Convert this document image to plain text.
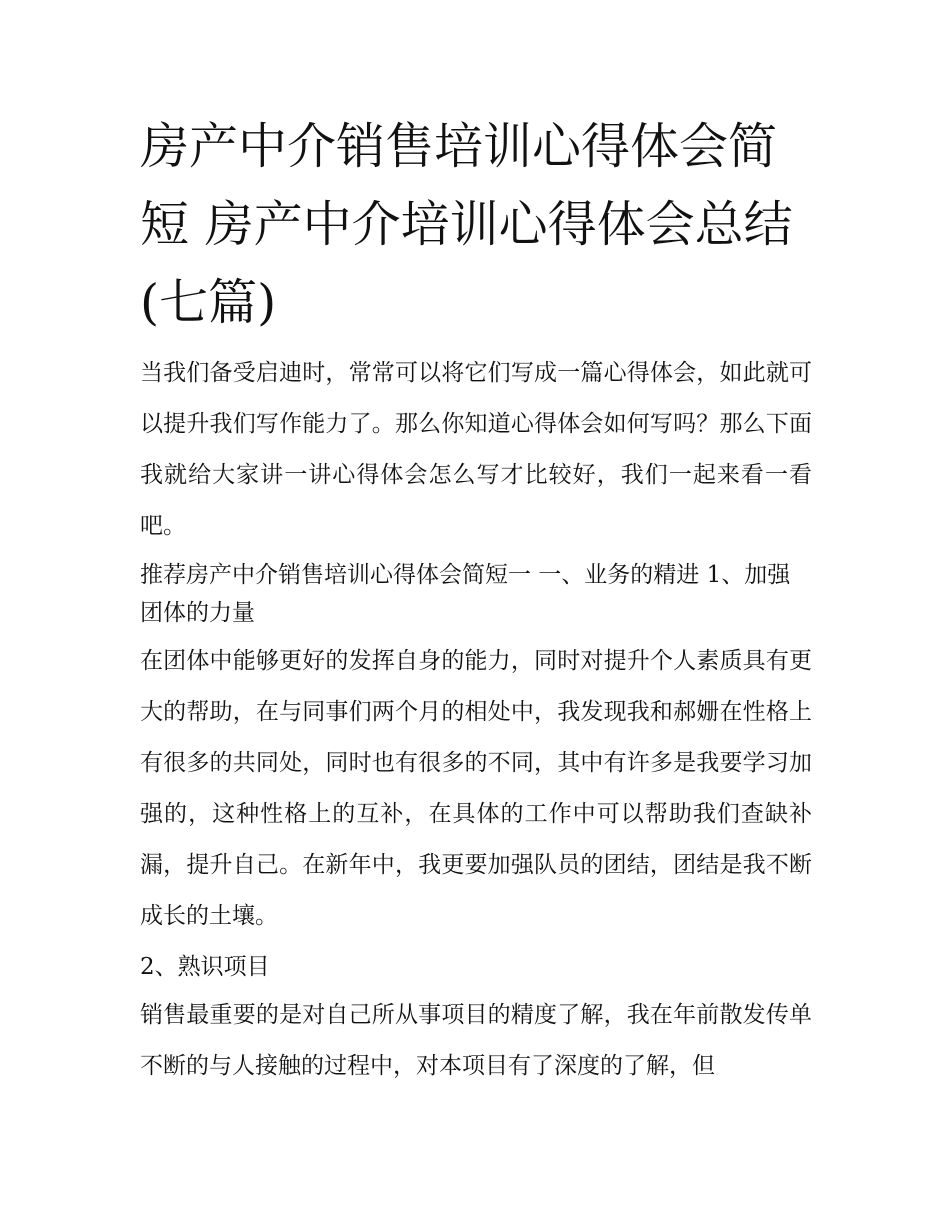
房产中介销售培训心得体会简短 房产中介培训心得体会总结(七篇)

当我们备受启迪时，常常可以将它们写成一篇心得体会，如此就可以提升我们写作能力了。那么你知道心得体会如何写吗？那么下面我就给大家讲一讲心得体会怎么写才比较好，我们一起来看一看吧。

推荐房产中介销售培训心得体会简短一 一、业务的精进 1、加强团体的力量

在团体中能够更好的发挥自身的能力，同时对提升个人素质具有更大的帮助，在与同事们两个月的相处中，我发现我和郝姗在性格上有很多的共同处，同时也有很多的不同，其中有许多是我要学习加强的，这种性格上的互补，在具体的工作中可以帮助我们查缺补漏，提升自己。在新年中，我更要加强队员的团结，团结是我不断成长的土壤。

2、熟识项目

销售最重要的是对自己所从事项目的精度了解，我在年前散发传单不断的与人接触的过程中，对本项目有了深度的了解，但
